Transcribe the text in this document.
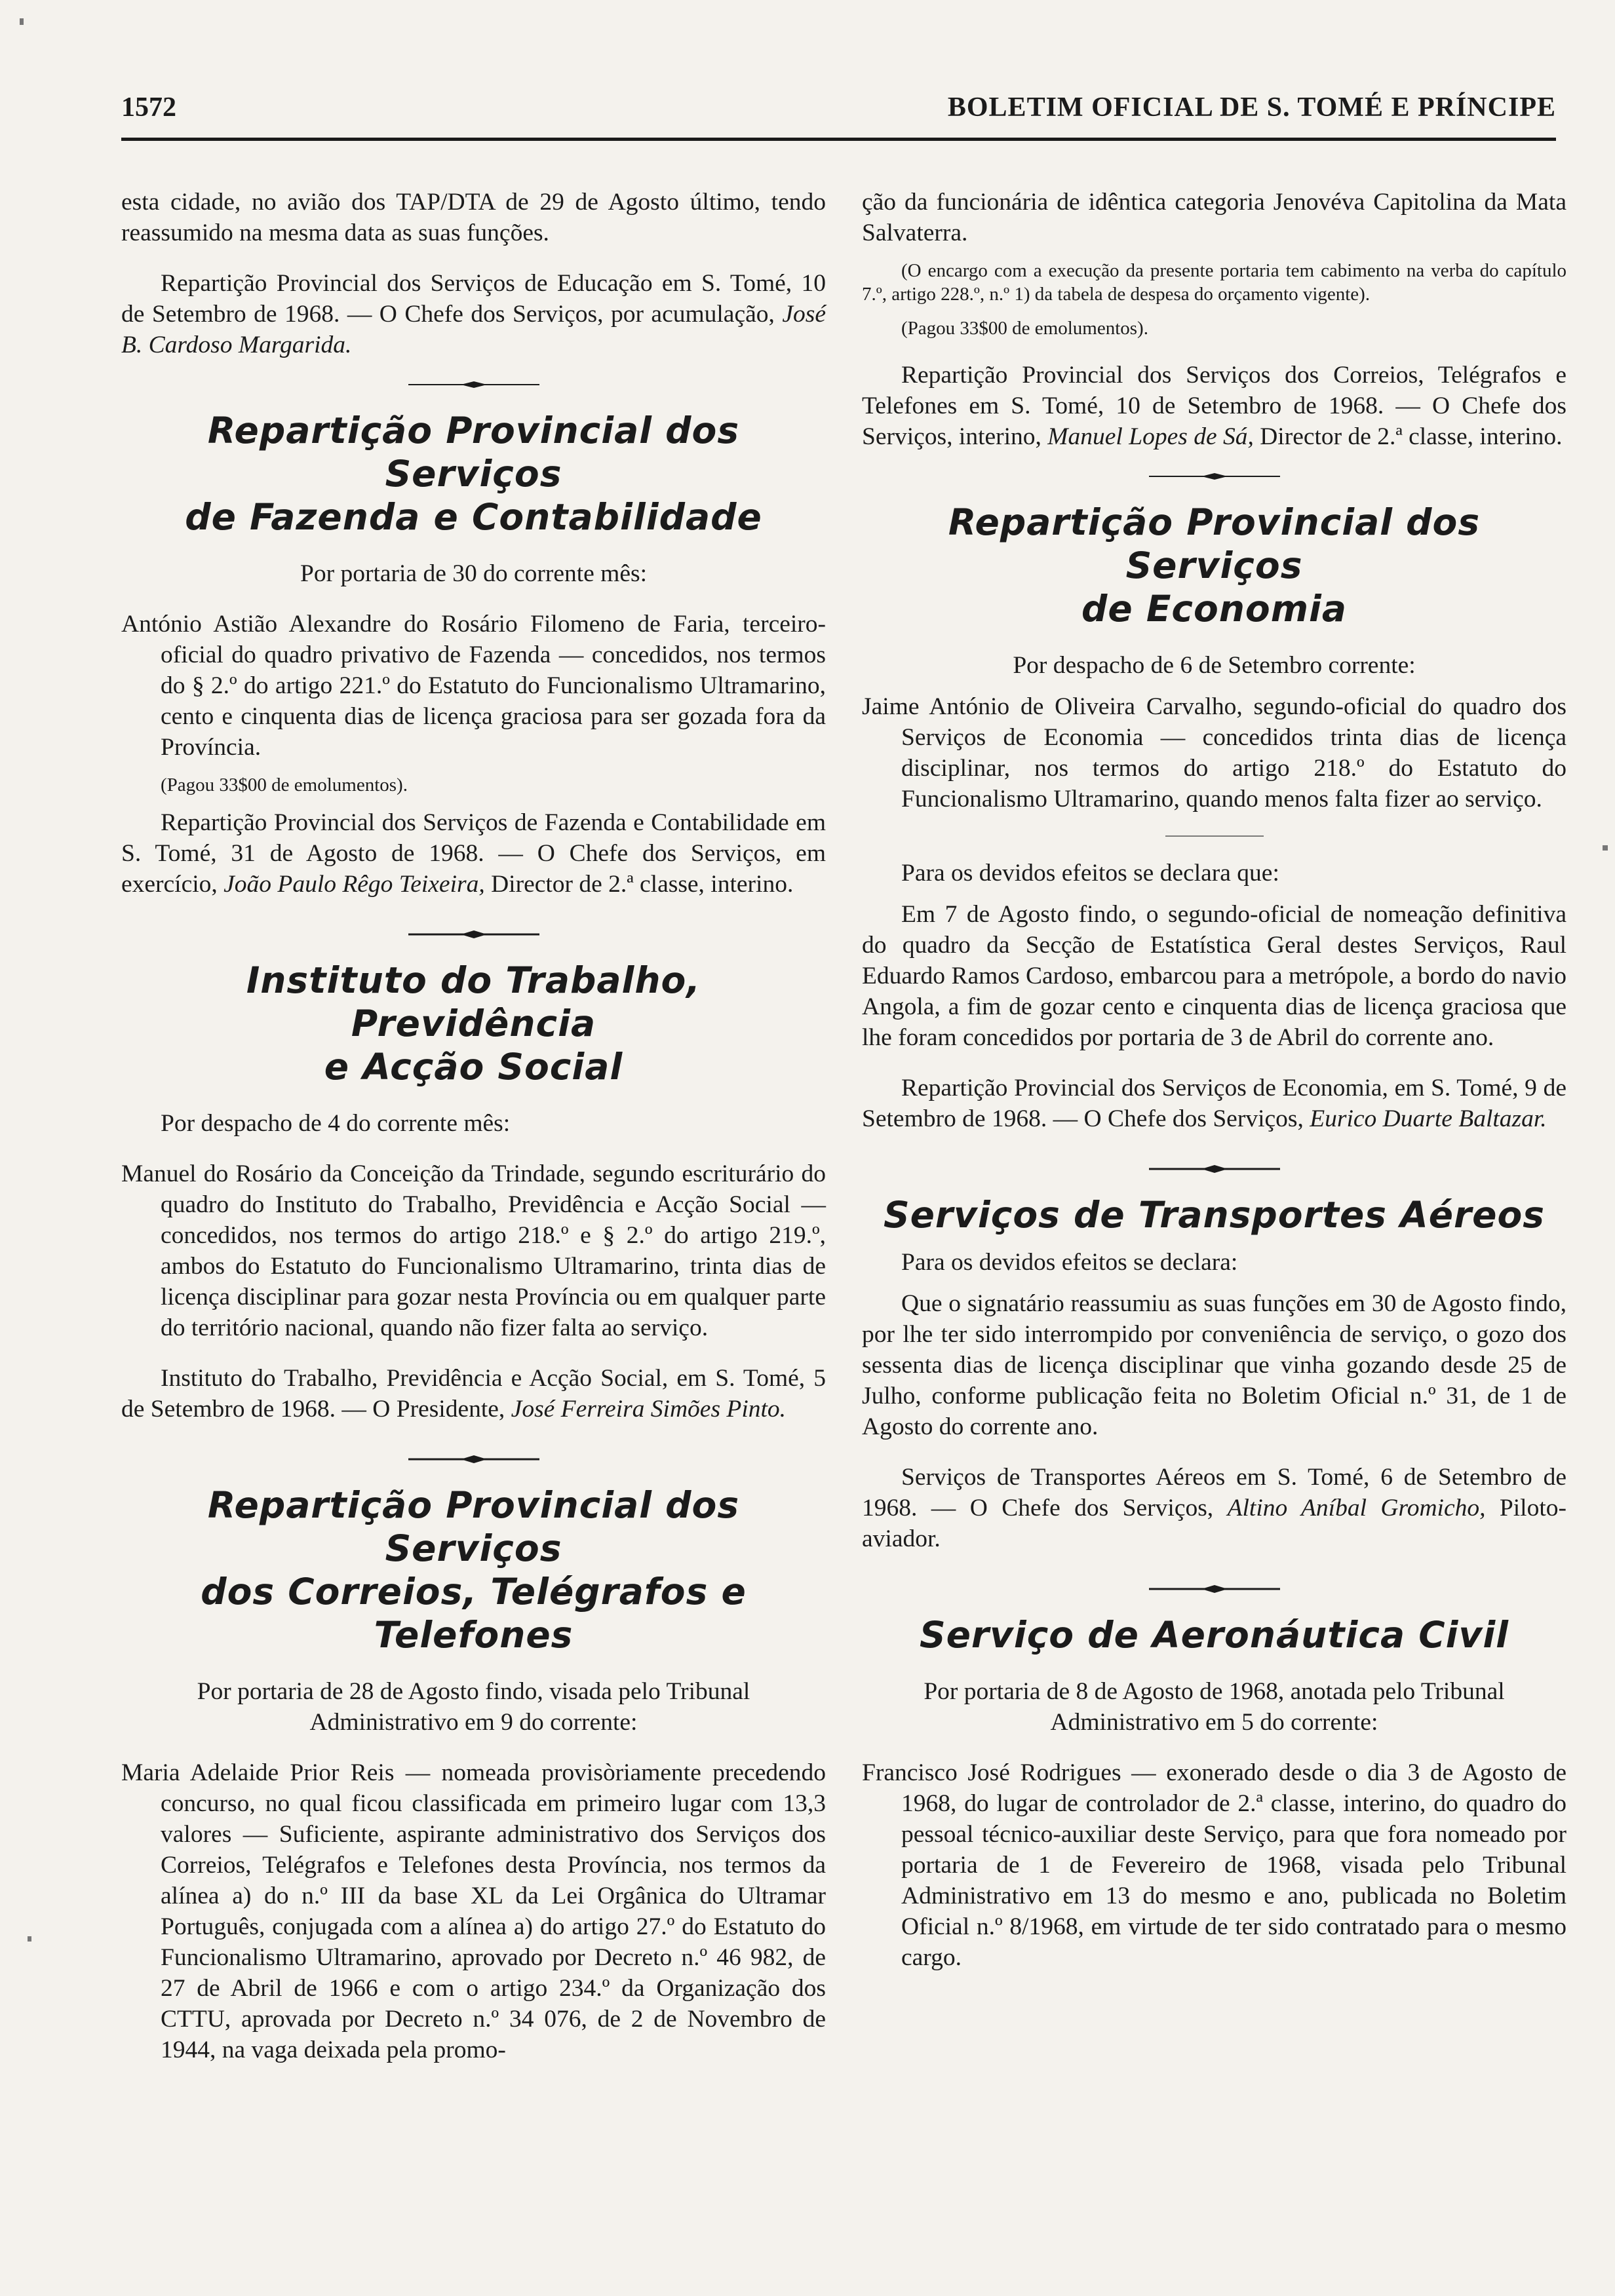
1572	BOLETIM OFICIAL DE S. TOMÉ E PRÍNCIPE

esta cidade, no avião dos TAP/DTA de 29 de Agosto último, tendo reassumido na mesma data as suas funções.

Repartição Provincial dos Serviços de Educação em S. Tomé, 10 de Setembro de 1968. — O Chefe dos Serviços, por acumulação, José B. Cardoso Margarida.

Repartição Provincial dos Serviços
de Fazenda e Contabilidade

Por portaria de 30 do corrente mês:

António Astião Alexandre do Rosário Filomeno de Faria, terceiro-oficial do quadro privativo de Fazenda — concedidos, nos termos do § 2.º do artigo 221.º do Estatuto do Funcionalismo Ultramarino, cento e cinquenta dias de licença graciosa para ser gozada fora da Província.

(Pagou 33$00 de emolumentos).

Repartição Provincial dos Serviços de Fazenda e Contabilidade em S. Tomé, 31 de Agosto de 1968. — O Chefe dos Serviços, em exercício, João Paulo Rêgo Teixeira, Director de 2.ª classe, interino.

Instituto do Trabalho, Previdência
e Acção Social

Por despacho de 4 do corrente mês:

Manuel do Rosário da Conceição da Trindade, segundo escriturário do quadro do Instituto do Trabalho, Previdência e Acção Social — concedidos, nos termos do artigo 218.º e § 2.º do artigo 219.º, ambos do Estatuto do Funcionalismo Ultramarino, trinta dias de licença disciplinar para gozar nesta Província ou em qualquer parte do território nacional, quando não fizer falta ao serviço.

Instituto do Trabalho, Previdência e Acção Social, em S. Tomé, 5 de Setembro de 1968. — O Presidente, José Ferreira Simões Pinto.

Repartição Provincial dos Serviços
dos Correios, Telégrafos e Telefones

Por portaria de 28 de Agosto findo, visada pelo Tribunal Administrativo em 9 do corrente:

Maria Adelaide Prior Reis — nomeada provisòriamente precedendo concurso, no qual ficou classificada em primeiro lugar com 13,3 valores — Suficiente, aspirante administrativo dos Serviços dos Correios, Telégrafos e Telefones desta Província, nos termos da alínea a) do n.º III da base XL da Lei Orgânica do Ultramar Português, conjugada com a alínea a) do artigo 27.º do Estatuto do Funcionalismo Ultramarino, aprovado por Decreto n.º 46 982, de 27 de Abril de 1966 e com o artigo 234.º da Organização dos CTTU, aprovada por Decreto n.º 34 076, de 2 de Novembro de 1944, na vaga deixada pela promo-

ção da funcionária de idêntica categoria Jenovéva Capitolina da Mata Salvaterra.

(O encargo com a execução da presente portaria tem cabimento na verba do capítulo 7.º, artigo 228.º, n.º 1) da tabela de despesa do orçamento vigente).

(Pagou 33$00 de emolumentos).

Repartição Provincial dos Serviços dos Correios, Telégrafos e Telefones em S. Tomé, 10 de Setembro de 1968. — O Chefe dos Serviços, interino, Manuel Lopes de Sá, Director de 2.ª classe, interino.

Repartição Provincial dos Serviços
de Economia

Por despacho de 6 de Setembro corrente:

Jaime António de Oliveira Carvalho, segundo-oficial do quadro dos Serviços de Economia — concedidos trinta dias de licença disciplinar, nos termos do artigo 218.º do Estatuto do Funcionalismo Ultramarino, quando menos falta fizer ao serviço.

Para os devidos efeitos se declara que:

Em 7 de Agosto findo, o segundo-oficial de nomeação definitiva do quadro da Secção de Estatística Geral destes Serviços, Raul Eduardo Ramos Cardoso, embarcou para a metrópole, a bordo do navio Angola, a fim de gozar cento e cinquenta dias de licença graciosa que lhe foram concedidos por portaria de 3 de Abril do corrente ano.

Repartição Provincial dos Serviços de Economia, em S. Tomé, 9 de Setembro de 1968. — O Chefe dos Serviços, Eurico Duarte Baltazar.

Serviços de Transportes Aéreos

Para os devidos efeitos se declara:

Que o signatário reassumiu as suas funções em 30 de Agosto findo, por lhe ter sido interrompido por conveniência de serviço, o gozo dos sessenta dias de licença disciplinar que vinha gozando desde 25 de Julho, conforme publicação feita no Boletim Oficial n.º 31, de 1 de Agosto do corrente ano.

Serviços de Transportes Aéreos em S. Tomé, 6 de Setembro de 1968. — O Chefe dos Serviços, Altino Aníbal Gromicho, Piloto-aviador.

Serviço de Aeronáutica Civil

Por portaria de 8 de Agosto de 1968, anotada pelo Tribunal Administrativo em 5 do corrente:

Francisco José Rodrigues — exonerado desde o dia 3 de Agosto de 1968, do lugar de controlador de 2.ª classe, interino, do quadro do pessoal técnico-auxiliar deste Serviço, para que fora nomeado por portaria de 1 de Fevereiro de 1968, visada pelo Tribunal Administrativo em 13 do mesmo e ano, publicada no Boletim Oficial n.º 8/1968, em virtude de ter sido contratado para o mesmo cargo.
